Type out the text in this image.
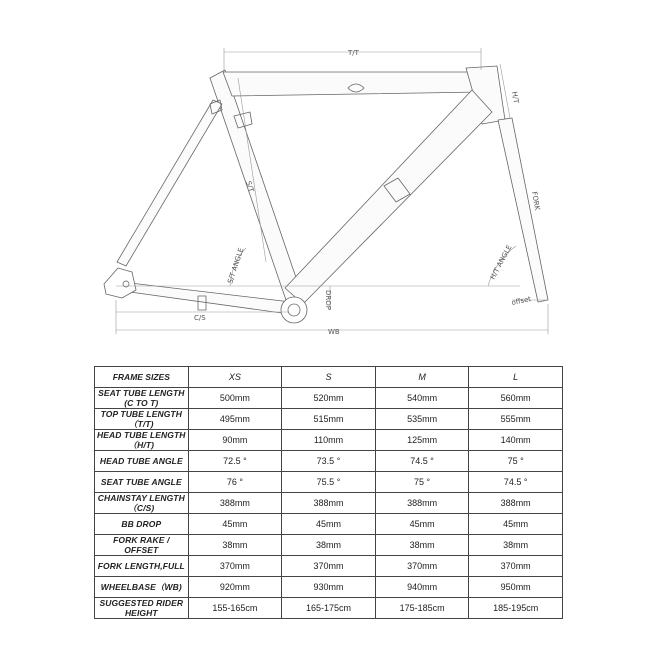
T/T
H/T
FORK
S/T
S/T ANGLE	H/T ANGLE
DROP	offset
C/S
WB
FRAME SIZES	XS	S	M	L
SEAT TUBE LENGTH (C TO T)	500mm	520mm	540mm	560mm
TOP TUBE LENGTH（T/T)	495mm	515mm	535mm	555mm
HEAD TUBE LENGTH（H/T)	90mm	110mm	125mm	140mm
HEAD TUBE ANGLE	72.5 °	73.5 °	74.5 °	75 °
SEAT TUBE ANGLE	76 °	75.5 °	75 °	74.5 °
CHAINSTAY LENGTH（C/S)	388mm	388mm	388mm	388mm
BB DROP	45mm	45mm	45mm	45mm
FORK RAKE / OFFSET	38mm	38mm	38mm	38mm
FORK LENGTH,FULL	370mm	370mm	370mm	370mm
WHEELBASE（WB)	920mm	930mm	940mm	950mm
SUGGESTED RIDER HEIGHT	155-165cm	165-175cm	175-185cm	185-195cm
